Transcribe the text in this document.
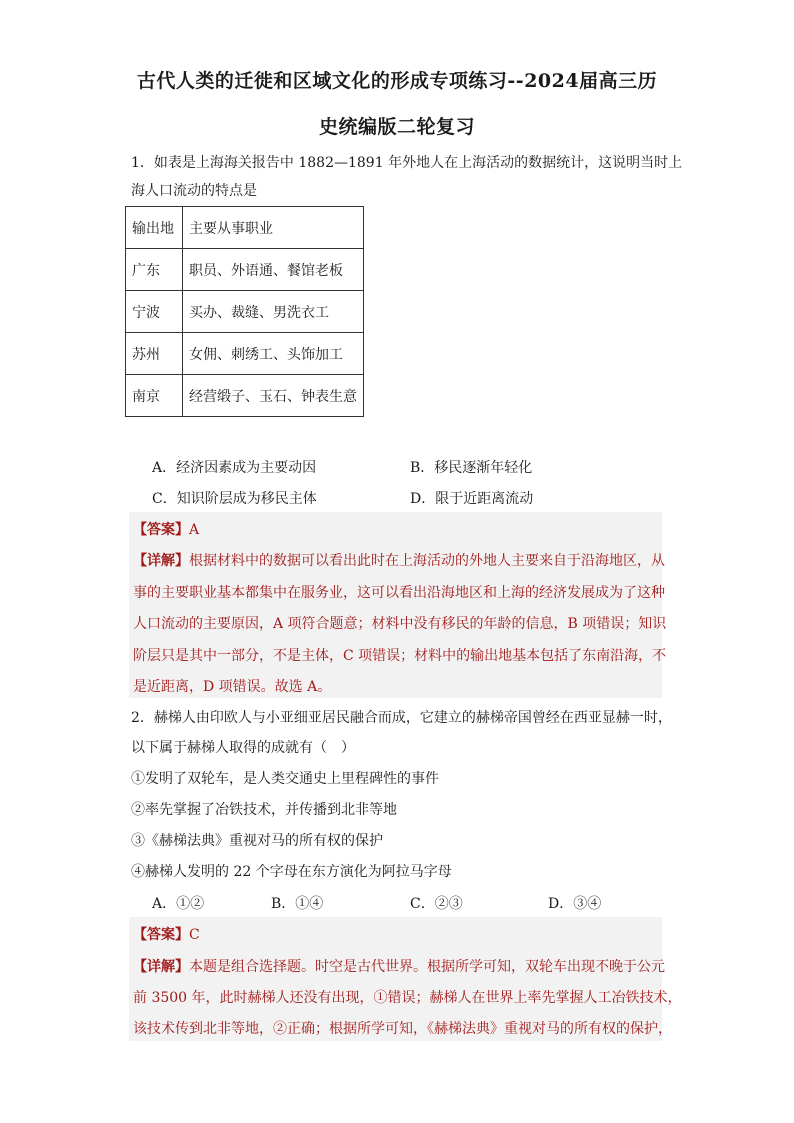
古代人类的迁徙和区域文化的形成专项练习--2024届高三历
史统编版二轮复习
1．如表是上海海关报告中 1882—1891 年外地人在上海活动的数据统计，这说明当时上
海人口流动的特点是
输出地	主要从事职业
广东	职员、外语通、餐馆老板
宁波	买办、裁缝、男洗衣工
苏州	女佣、刺绣工、头饰加工
南京	经营缎子、玉石、钟表生意
A．经济因素成为主要动因	B．移民逐渐年轻化
C．知识阶层成为移民主体	D．限于近距离流动
【答案】A
【详解】根据材料中的数据可以看出此时在上海活动的外地人主要来自于沿海地区，从
事的主要职业基本都集中在服务业，这可以看出沿海地区和上海的经济发展成为了这种
人口流动的主要原因，A 项符合题意；材料中没有移民的年龄的信息，B 项错误；知识
阶层只是其中一部分，不是主体，C 项错误；材料中的输出地基本包括了东南沿海，不
是近距离，D 项错误。故选 A。
2．赫梯人由印欧人与小亚细亚居民融合而成，它建立的赫梯帝国曾经在西亚显赫一时，
以下属于赫梯人取得的成就有（　）
①发明了双轮车，是人类交通史上里程碑性的事件
②率先掌握了冶铁技术，并传播到北非等地
③《赫梯法典》重视对马的所有权的保护
④赫梯人发明的 22 个字母在东方演化为阿拉马字母
A．①②	B．①④	C．②③	D．③④
【答案】C
【详解】本题是组合选择题。时空是古代世界。根据所学可知，双轮车出现不晚于公元
前 3500 年，此时赫梯人还没有出现，①错误；赫梯人在世界上率先掌握人工冶铁技术，
该技术传到北非等地，②正确；根据所学可知，《赫梯法典》重视对马的所有权的保护，
